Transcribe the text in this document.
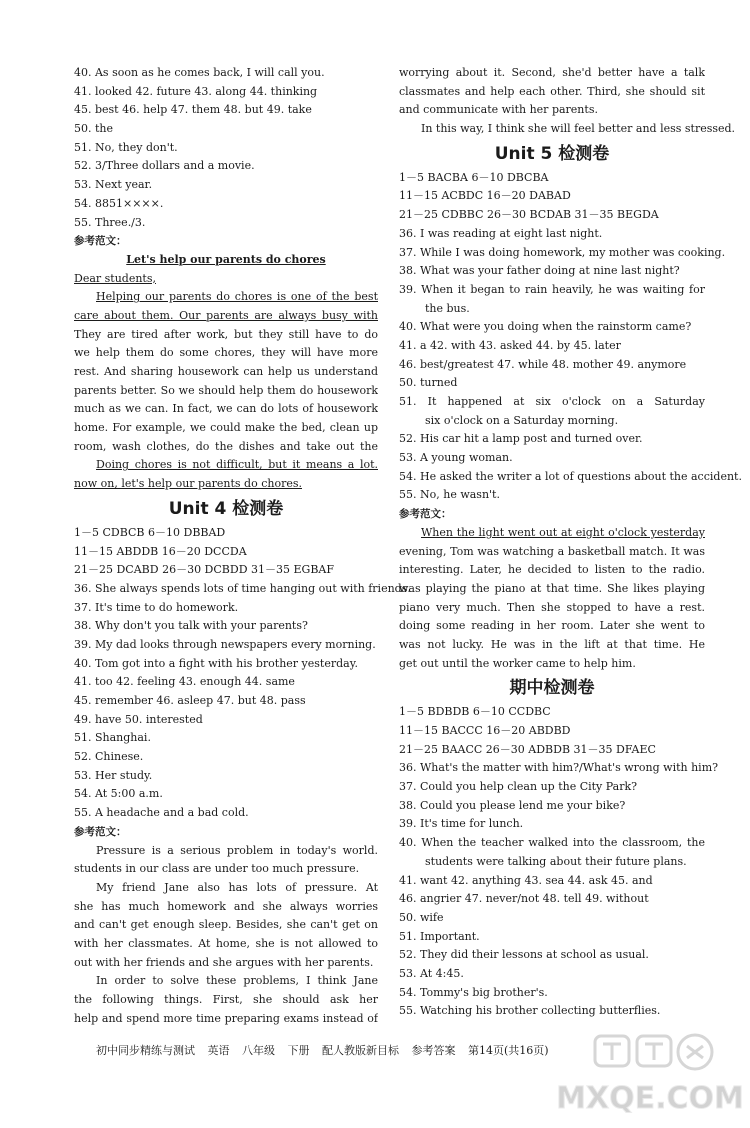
40. As soon as he comes back, I will call you.
41. looked 42. future 43. along 44. thinking
45. best 46. help 47. them 48. but 49. take
50. the
51. No, they don't.
52. 3/Three dollars and a movie.
53. Next year.
54. 8851××××.
55. Three./3.
参考范文：
Let's help our parents do chores
Dear students,
Helping our parents do chores is one of the best
care about them. Our parents are always busy with
They are tired after work, but they still have to do
we help them do some chores, they will have more
rest. And sharing housework can help us understand
parents better. So we should help them do housework
much as we can. In fact, we can do lots of housework
home. For example, we could make the bed, clean up
room, wash clothes, do the dishes and take out the
Doing chores is not difficult, but it means a lot.
now on, let's help our parents do chores.
Unit 4 检测卷
1－5 CDBCB 6－10 DBBAD
11－15 ABDDB 16－20 DCCDA
21－25 DCABD 26－30 DCBDD 31－35 EGBAF
36. She always spends lots of time hanging out with friends.
37. It's time to do homework.
38. Why don't you talk with your parents?
39. My dad looks through newspapers every morning.
40. Tom got into a fight with his brother yesterday.
41. too 42. feeling 43. enough 44. same
45. remember 46. asleep 47. but 48. pass
49. have 50. interested
51. Shanghai.
52. Chinese.
53. Her study.
54. At 5:00 a.m.
55. A headache and a bad cold.
参考范文：
Pressure is a serious problem in today's world.
students in our class are under too much pressure.
My friend Jane also has lots of pressure. At
she has much homework and she always worries
and can't get enough sleep. Besides, she can't get on
with her classmates. At home, she is not allowed to
out with her friends and she argues with her parents.
In order to solve these problems, I think Jane
the following things. First, she should ask her
help and spend more time preparing exams instead of
worrying about it. Second, she'd better have a talk
classmates and help each other. Third, she should sit
and communicate with her parents.
In this way, I think she will feel better and less stressed.
Unit 5 检测卷
1－5 BACBA 6－10 DBCBA
11－15 ACBDC 16－20 DABAD
21－25 CDBBC 26－30 BCDAB 31－35 BEGDA
36. I was reading at eight last night.
37. While I was doing homework, my mother was cooking.
38. What was your father doing at nine last night?
39. When it began to rain heavily, he was waiting for
the bus.
40. What were you doing when the rainstorm came?
41. a 42. with 43. asked 44. by 45. later
46. best/greatest 47. while 48. mother 49. anymore
50. turned
51. It happened at six o'clock on a Saturday
six o'clock on a Saturday morning.
52. His car hit a lamp post and turned over.
53. A young woman.
54. He asked the writer a lot of questions about the accident.
55. No, he wasn't.
参考范文：
When the light went out at eight o'clock yesterday
evening, Tom was watching a basketball match. It was
interesting. Later, he decided to listen to the radio.
was playing the piano at that time. She likes playing
piano very much. Then she stopped to have a rest.
doing some reading in her room. Later she went to
was not lucky. He was in the lift at that time. He
get out until the worker came to help him.
期中检测卷
1－5 BDBDB 6－10 CCDBC
11－15 BACCC 16－20 ABDBD
21－25 BAACC 26－30 ADBDB 31－35 DFAEC
36. What's the matter with him?/What's wrong with him?
37. Could you help clean up the City Park?
38. Could you please lend me your bike?
39. It's time for lunch.
40. When the teacher walked into the classroom, the
students were talking about their future plans.
41. want 42. anything 43. sea 44. ask 45. and
46. angrier 47. never/not 48. tell 49. without
50. wife
51. Important.
52. They did their lessons at school as usual.
53. At 4:45.
54. Tommy's big brother's.
55. Watching his brother collecting butterflies.
初中同步精练与测试 英语 八年级 下册 配人教版新目标 参考答案 第14页(共16页)
MXQE.COM
